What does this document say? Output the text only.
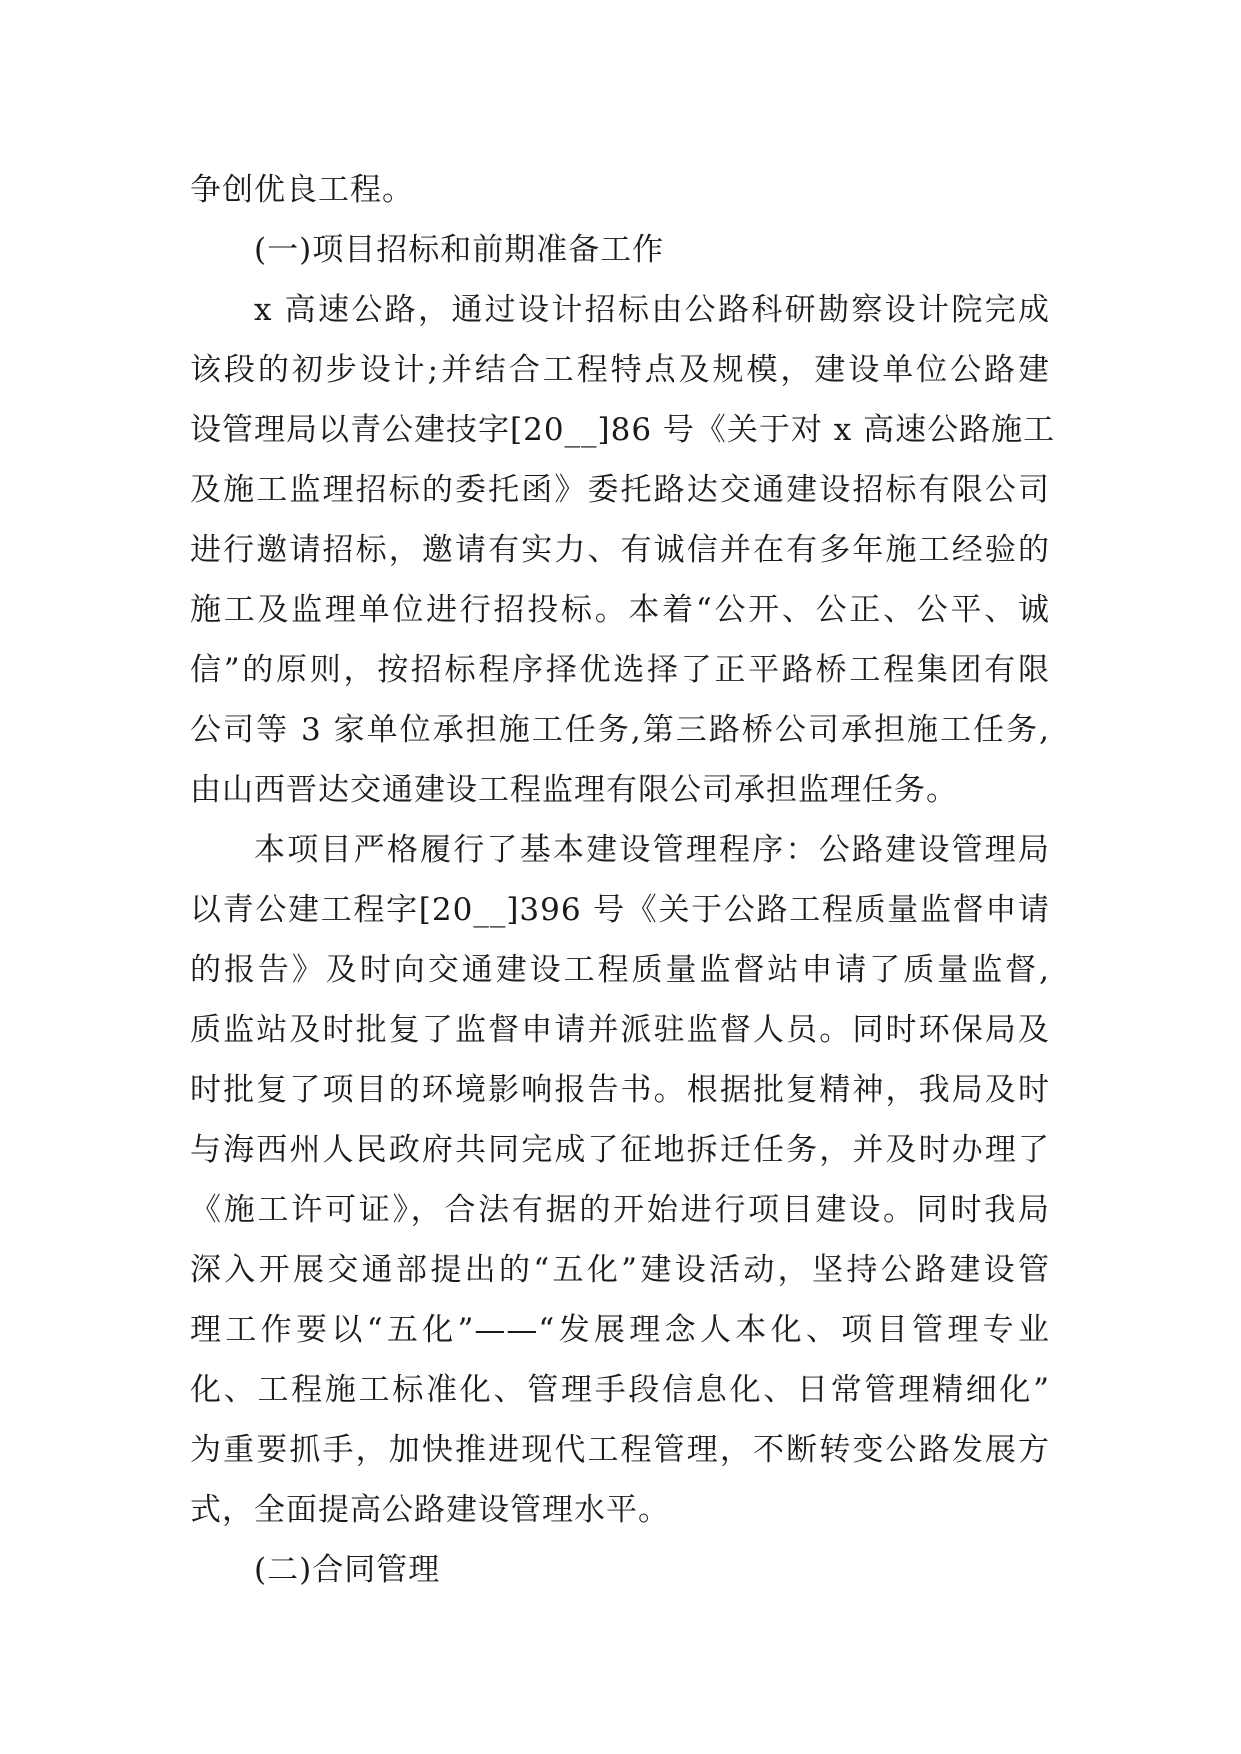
争创优良工程。
(一)项目招标和前期准备工作
x 高速公路，通过设计招标由公路科研勘察设计院完成
该段的初步设计;并结合工程特点及规模，建设单位公路建
设管理局以青公建技字[20__]86 号《关于对 x 高速公路施工
及施工监理招标的委托函》委托路达交通建设招标有限公司
进行邀请招标，邀请有实力、有诚信并在有多年施工经验的
施工及监理单位进行招投标。本着“公开、公正、公平、诚
信”的原则，按招标程序择优选择了正平路桥工程集团有限
公司等 3 家单位承担施工任务,第三路桥公司承担施工任务,
由山西晋达交通建设工程监理有限公司承担监理任务。
本项目严格履行了基本建设管理程序：公路建设管理局
以青公建工程字[20__]396 号《关于公路工程质量监督申请
的报告》及时向交通建设工程质量监督站申请了质量监督,
质监站及时批复了监督申请并派驻监督人员。同时环保局及
时批复了项目的环境影响报告书。根据批复精神，我局及时
与海西州人民政府共同完成了征地拆迁任务，并及时办理了
《施工许可证》，合法有据的开始进行项目建设。同时我局
深入开展交通部提出的“五化”建设活动，坚持公路建设管
理工作要以“五化”——“发展理念人本化、项目管理专业
化、工程施工标准化、管理手段信息化、日常管理精细化”
为重要抓手，加快推进现代工程管理，不断转变公路发展方
式，全面提高公路建设管理水平。
(二)合同管理
